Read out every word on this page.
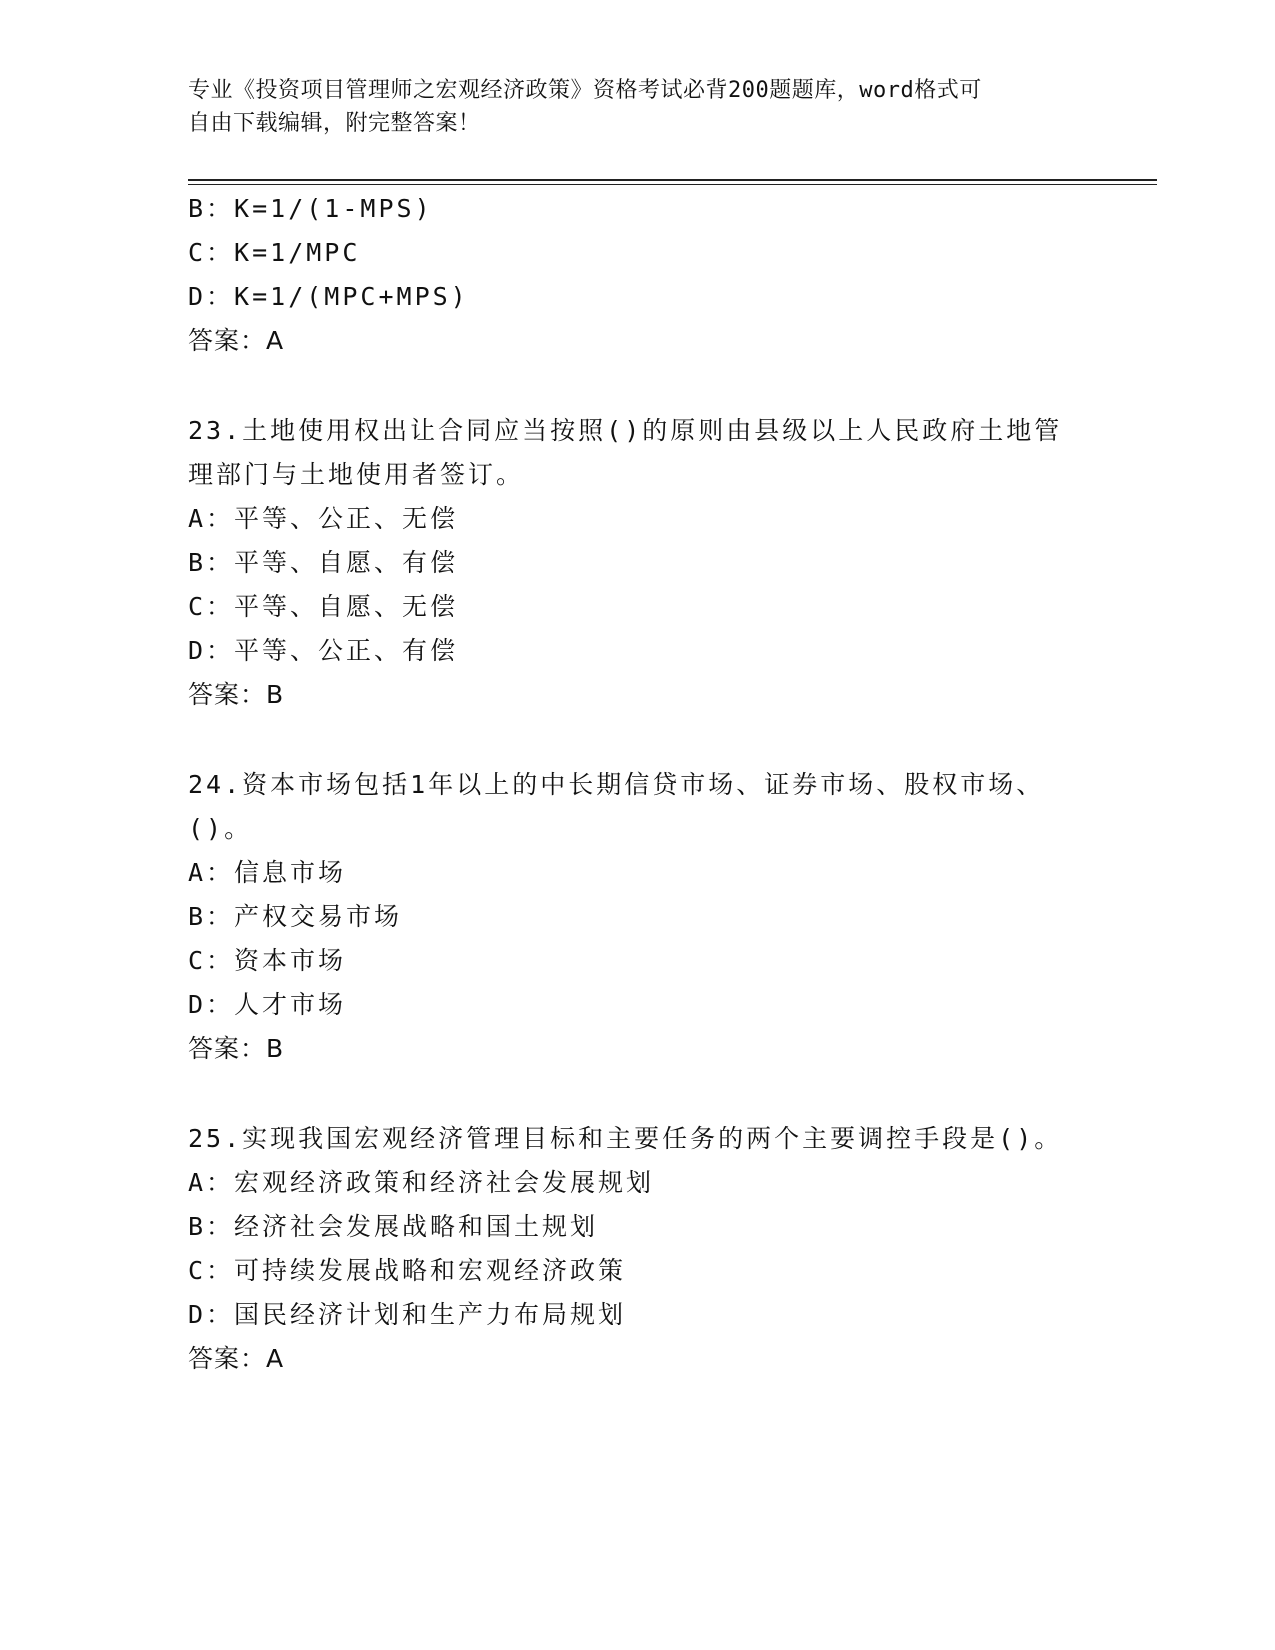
专业《投资项目管理师之宏观经济政策》资格考试必背200题题库，word格式可
自由下载编辑，附完整答案！
B：K=1/(1-MPS)
C：K=1/MPC
D：K=1/(MPC+MPS)
答案：A
23.土地使用权出让合同应当按照()的原则由县级以上人民政府土地管
理部门与土地使用者签订。
A：平等、公正、无偿
B：平等、自愿、有偿
C：平等、自愿、无偿
D：平等、公正、有偿
答案：B
24.资本市场包括1年以上的中长期信贷市场、证券市场、股权市场、
()。
A：信息市场
B：产权交易市场
C：资本市场
D：人才市场
答案：B
25.实现我国宏观经济管理目标和主要任务的两个主要调控手段是()。
A：宏观经济政策和经济社会发展规划
B：经济社会发展战略和国土规划
C：可持续发展战略和宏观经济政策
D：国民经济计划和生产力布局规划
答案：A
